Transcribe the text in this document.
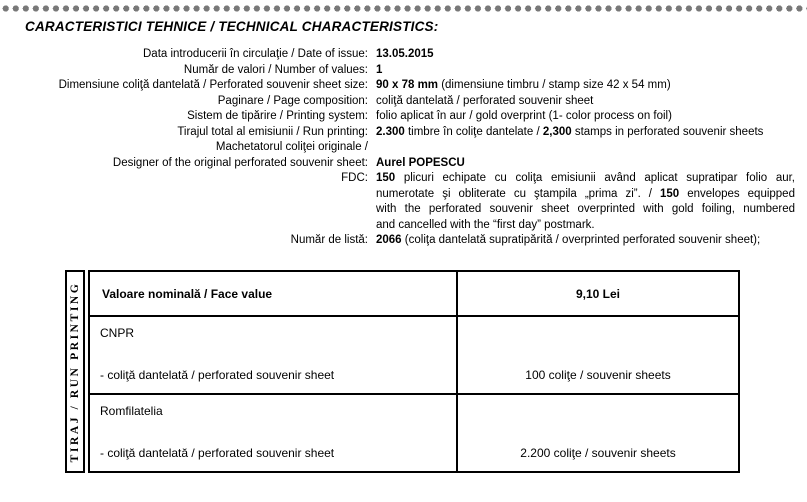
CARACTERISTICI TEHNICE / TECHNICAL CHARACTERISTICS:
Data introducerii în circulaţie / Date of issue: 13.05.2015
Număr de valori / Number of values: 1
Dimensiune coliţă dantelată / Perforated souvenir sheet size: 90 x 78 mm (dimensiune timbru / stamp size 42 x 54 mm)
Paginare / Page composition: coliţă dantelată / perforated souvenir sheet
Sistem de tipărire / Printing system: folio aplicat în aur / gold overprint (1- color process on foil)
Tirajul total al emisiunii / Run printing: 2.300 timbre în coliţe dantelate / 2,300 stamps in perforated souvenir sheets
Machetatorul coliţei originale /
Designer of the original perforated souvenir sheet: Aurel POPESCU
FDC: 150 plicuri echipate cu coliţa emisiunii având aplicat supratipar folio aur,
numerotate şi obliterate cu ştampila „prima zi”. / 150 envelopes equipped
with the perforated souvenir sheet overprinted with gold foiling, numbered
and cancelled with the “first day” postmark.
Număr de listă: 2066 (coliţa dantelată supratipărită / overprinted perforated souvenir sheet);
TIRAJ / RUN PRINTING Valoare nominală / Face value	9,10 Lei
CNPR
- coliţă dantelată / perforated souvenir sheet	100 coliţe / souvenir sheets
Romfilatelia
- coliţă dantelată / perforated souvenir sheet	2.200 coliţe / souvenir sheets
